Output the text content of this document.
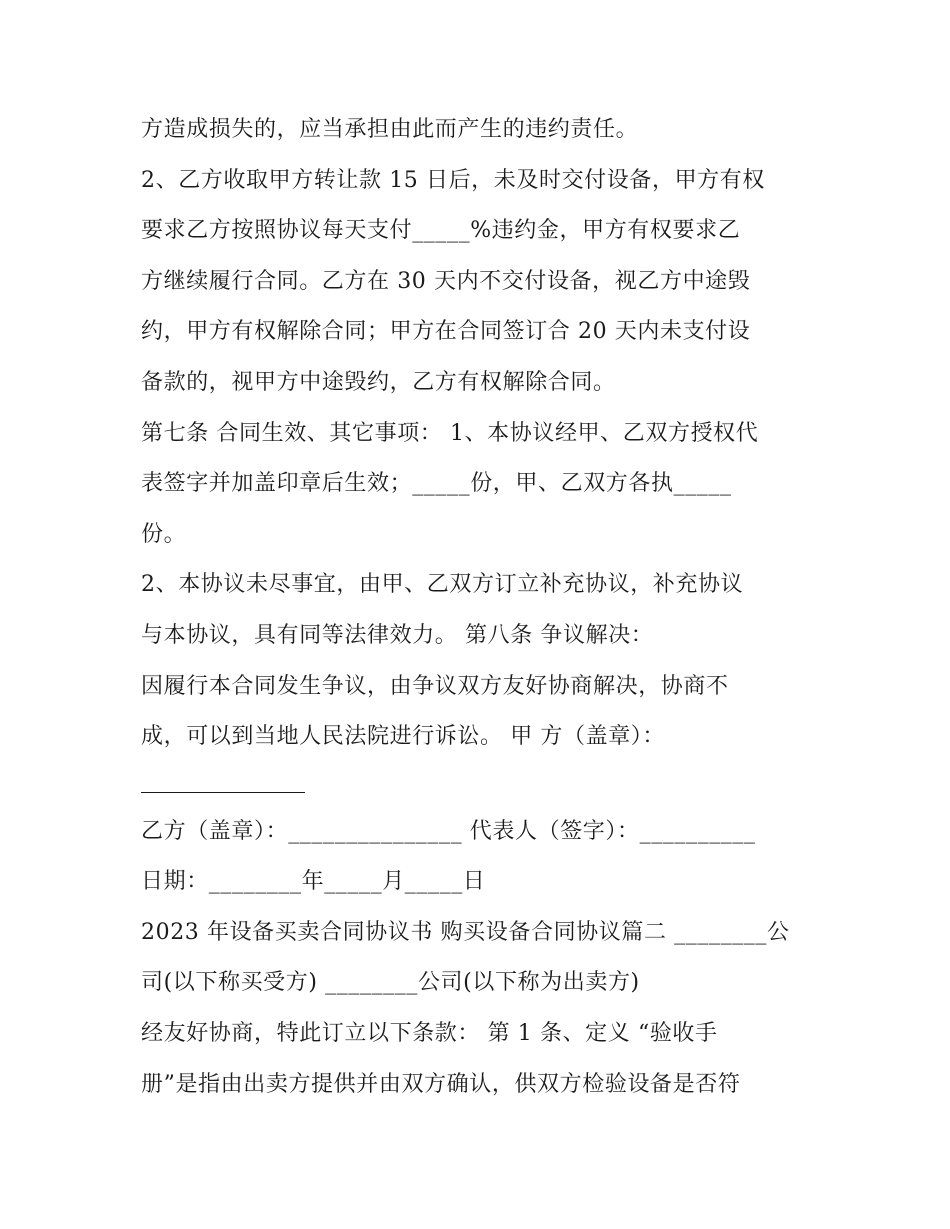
方造成损失的，应当承担由此而产生的违约责任。

2、乙方收取甲方转让款 15 日后，未及时交付设备，甲方有权

要求乙方按照协议每天支付_____%违约金，甲方有权要求乙

方继续履行合同。乙方在 30 天内不交付设备，视乙方中途毁

约，甲方有权解除合同；甲方在合同签订合 20 天内未支付设

备款的，视甲方中途毁约，乙方有权解除合同。

第七条 合同生效、其它事项： 1、本协议经甲、乙双方授权代

表签字并加盖印章后生效；_____份，甲、乙双方各执_____

份。

2、本协议未尽事宜，由甲、乙双方订立补充协议，补充协议

与本协议，具有同等法律效力。 第八条 争议解决：

因履行本合同发生争议，由争议双方友好协商解决，协商不

成，可以到当地人民法院进行诉讼。 甲 方（盖章）：

乙方（盖章）：_______________ 代表人（签字）：__________

日期：________年_____月_____日

2023 年设备买卖合同协议书 购买设备合同协议篇二 ________公

司(以下称买受方) ________公司(以下称为出卖方)

经友好协商，特此订立以下条款： 第 1 条、定义 “验收手

册”是指由出卖方提供并由双方确认，供双方检验设备是否符
